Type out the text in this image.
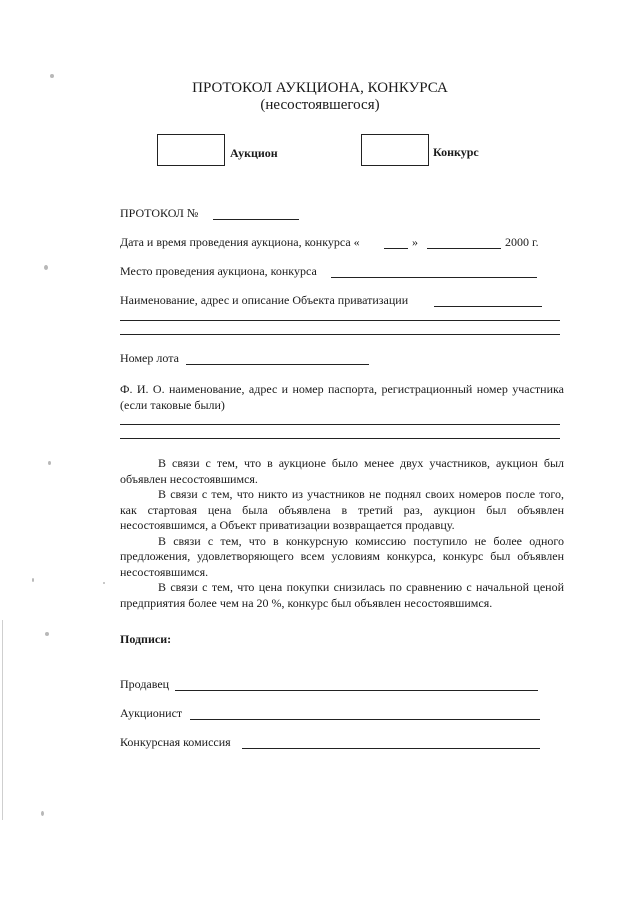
ПРОТОКОЛ АУКЦИОНА, КОНКУРСА
(несостоявшегося)
Аукцион	Конкурс
ПРОТОКОЛ №
Дата и время проведения аукциона, конкурса «	»	2000 г.
Место проведения аукциона, конкурса
Наименование, адрес и описание Объекта приватизации
Номер лота
Ф. И. О. наименование, адрес и номер паспорта, регистрационный номер участника (если таковые были)

В связи с тем, что в аукционе было менее двух участников, аукцион был объявлен несостоявшимся.

В связи с тем, что никто из участников не поднял своих номеров после того, как стартовая цена была объявлена в третий раз, аукцион был объявлен несостоявшимся, а Объект приватизации возвращается продавцу.

В связи с тем, что в конкурсную комиссию поступило не более одного предложения, удовлетворяющего всем условиям конкурса, конкурс был объявлен несостоявшимся.

В связи с тем, что цена покупки снизилась по сравнению с начальной ценой предприятия более чем на 20 %, конкурс был объявлен несостоявшимся.

Подписи:
Продавец
Аукционист
Конкурсная комиссия
